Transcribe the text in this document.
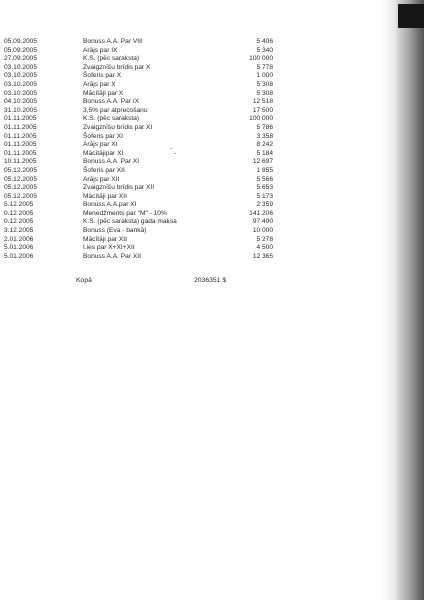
05.09.2005	Bonuss A.A. Par VIII	5 406
05.09.2005	Arājs par IX	5 340
27.09.2005	K.S. (pēc saraksta)	100 000
03.10.2005	Zvaigznīšu brīdis par X	5 778
03.10.2005	Šoferis par X	1 000
03.10.2005	Arājs par X	5 308
03.10.2005	Mācītāji par X	5 308
04.10.2005	Bonuss A.A. Par IX	12 518
31.10.2005	3,5% par atpreċošanu	17 500
01.11.2005	K.S. (pēc saraksta)	100 000
01.11.2005	Zvaigznīšu brīdis par XI	5 786
01.11.2005	Šoferis par XI	3 358
01.11.2005	Arājs par XI	8 242
01.11.2005	Mācītājipar XI	5 184
10.11.2005	Bonuss A.A. Par XI	12 697
05.12.2005	Šoferis par XII	1 855
05.12.2005	Arājs par XII	5 566
05.12.2005	Zvaigznīšu brīdis par XII	5 653
05.12.2005	Mācītāji par XII	5 173
5.12.2005	Bonuss A.A.par XI	2 359
0.12.2005	Menedžments par "M" - 10%	141 206
0.12.2005	K.S. (pēc saraksta) gada maksa	97 400
3.12.2005	Bonuss (Eva - bankā)	10 000
2.01.2006	Mācītāji par XII	5 278
5.01.2006	I.ies par X+XI+XII	4 500
5.01.2006	Bonuss A.A. Par XII	12 365
Kopā	2036351 $
